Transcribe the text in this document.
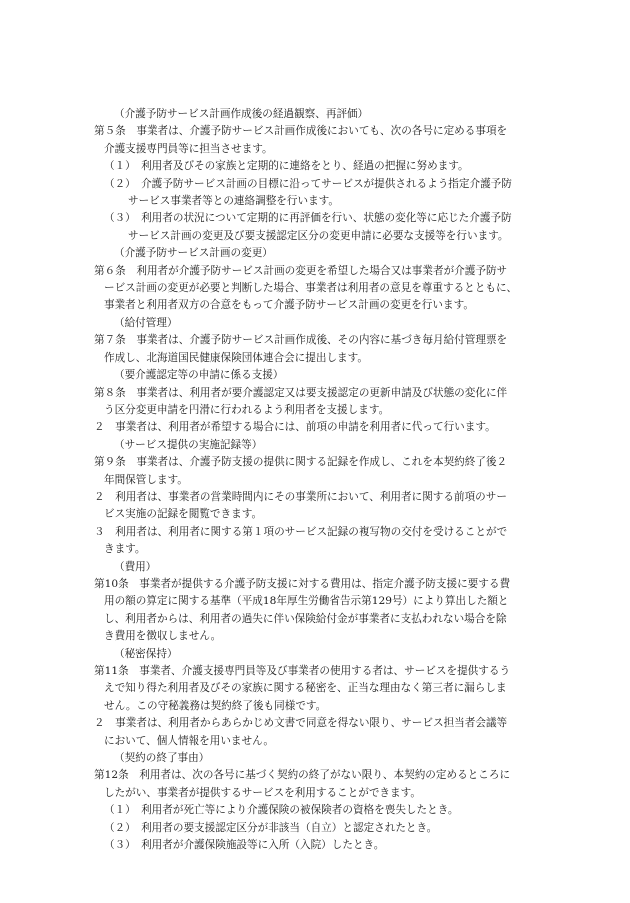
（介護予防サービス計画作成後の経過観察、再評価）
第５条　事業者は、介護予防サービス計画作成後においても、次の各号に定める事項を
介護支援専門員等に担当させます。
（１）　利用者及びその家族と定期的に連絡をとり、経過の把握に努めます。
（２）　介護予防サービス計画の目標に沿ってサービスが提供されるよう指定介護予防
サービス事業者等との連絡調整を行います。
（３）　利用者の状況について定期的に再評価を行い、状態の変化等に応じた介護予防
サービス計画の変更及び要支援認定区分の変更申請に必要な支援等を行います。
（介護予防サービス計画の変更）
第６条　利用者が介護予防サービス計画の変更を希望した場合又は事業者が介護予防サ
ービス計画の変更が必要と判断した場合、事業者は利用者の意見を尊重するとともに、
事業者と利用者双方の合意をもって介護予防サービス計画の変更を行います。
（給付管理）
第７条　事業者は、介護予防サービス計画作成後、その内容に基づき毎月給付管理票を
作成し、北海道国民健康保険団体連合会に提出します。
（要介護認定等の申請に係る支援）
第８条　事業者は、利用者が要介護認定又は要支援認定の更新申請及び状態の変化に伴
う区分変更申請を円滑に行われるよう利用者を支援します。
２　事業者は、利用者が希望する場合には、前項の申請を利用者に代って行います。
（サービス提供の実施記録等）
第９条　事業者は、介護予防支援の提供に関する記録を作成し、これを本契約終了後２
年間保管します。
２　利用者は、事業者の営業時間内にその事業所において、利用者に関する前項のサー
ビス実施の記録を閲覧できます。
３　利用者は、利用者に関する第１項のサービス記録の複写物の交付を受けることがで
きます。
（費用）
第10条　事業者が提供する介護予防支援に対する費用は、指定介護予防支援に要する費
用の額の算定に関する基準（平成18年厚生労働省告示第129号）により算出した額と
し、利用者からは、利用者の過失に伴い保険給付金が事業者に支払われない場合を除
き費用を徴収しません。
（秘密保持）
第11条　事業者、介護支援専門員等及び事業者の使用する者は、サービスを提供するう
えで知り得た利用者及びその家族に関する秘密を、正当な理由なく第三者に漏らしま
せん。この守秘義務は契約終了後も同様です。
２　事業者は、利用者からあらかじめ文書で同意を得ない限り、サービス担当者会議等
において、個人情報を用いません。
（契約の終了事由）
第12条　利用者は、次の各号に基づく契約の終了がない限り、本契約の定めるところに
したがい、事業者が提供するサービスを利用することができます。
（１）　利用者が死亡等により介護保険の被保険者の資格を喪失したとき。
（２）　利用者の要支援認定区分が非該当（自立）と認定されたとき。
（３）　利用者が介護保険施設等に入所（入院）したとき。
